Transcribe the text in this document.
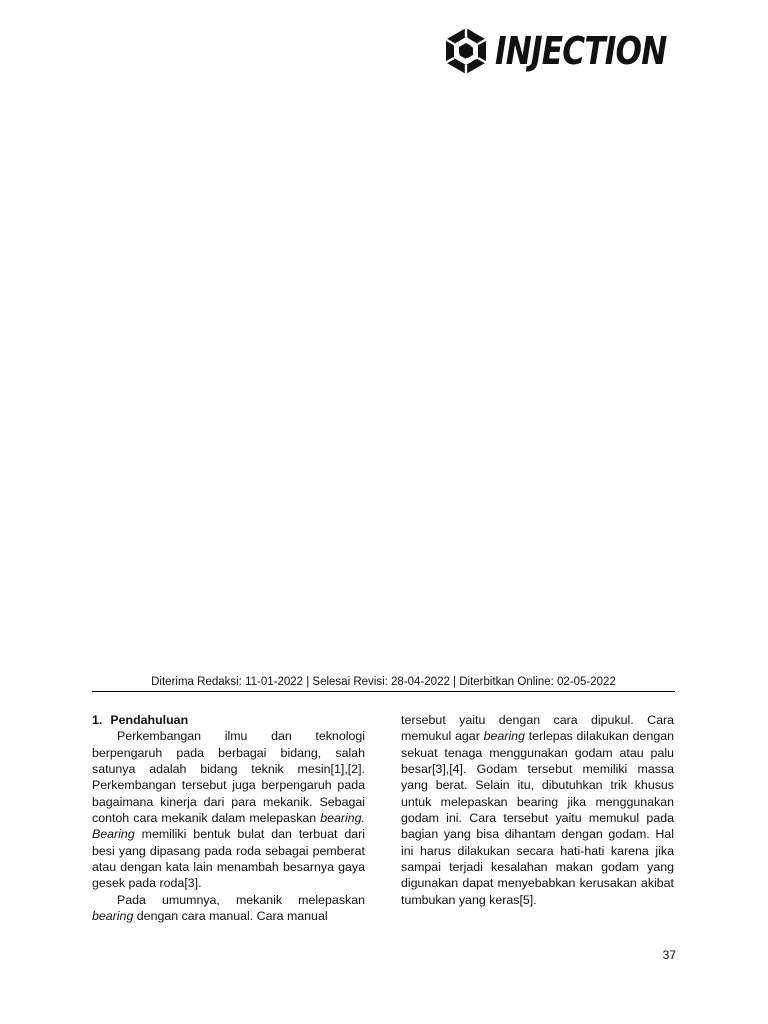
INJECTION
Diterima Redaksi: 11-01-2022 | Selesai Revisi: 28-04-2022 | Diterbitkan Online: 02-05-2022

1. Pendahuluan

Perkembangan ilmu dan teknologi berpengaruh pada berbagai bidang, salah satunya adalah bidang teknik mesin[1],[2]. Perkembangan tersebut juga berpengaruh pada bagaimana kinerja dari para mekanik. Sebagai contoh cara mekanik dalam melepaskan bearing. Bearing memiliki bentuk bulat dan terbuat dari besi yang dipasang pada roda sebagai pemberat atau dengan kata lain menambah besarnya gaya gesek pada roda[3].

Pada umumnya, mekanik melepaskan bearing dengan cara manual. Cara manual

tersebut yaitu dengan cara dipukul. Cara memukul agar bearing terlepas dilakukan dengan sekuat tenaga menggunakan godam atau palu besar[3],[4]. Godam tersebut memiliki massa yang berat. Selain itu, dibutuhkan trik khusus untuk melepaskan bearing jika menggunakan godam ini. Cara tersebut yaitu memukul pada bagian yang bisa dihantam dengan godam. Hal ini harus dilakukan secara hati-hati karena jika sampai terjadi kesalahan makan godam yang digunakan dapat menyebabkan kerusakan akibat tumbukan yang keras[5].

37
